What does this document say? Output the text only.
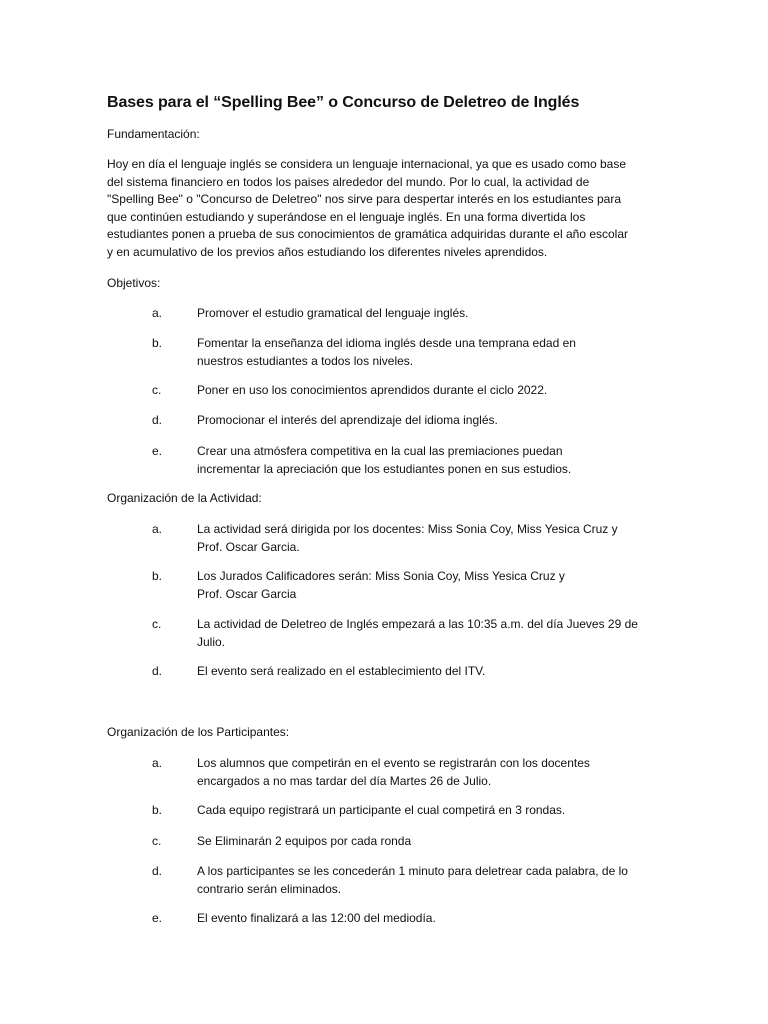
Bases para el “Spelling Bee” o Concurso de Deletreo de Inglés
Fundamentación:
Hoy en día el lenguaje inglés se considera un lenguaje internacional, ya que es usado como base
del sistema financiero en todos los paises alrededor del mundo. Por lo cual, la actividad de
"Spelling Bee" o "Concurso de Deletreo" nos sirve para despertar interés en los estudiantes para
que continúen estudiando y superándose en el lenguaje inglés. En una forma divertida los
estudiantes ponen a prueba de sus conocimientos de gramática adquiridas durante el año escolar
y en acumulativo de los previos años estudiando los diferentes niveles aprendidos.
Objetivos:
a.	Promover el estudio gramatical del lenguaje inglés.
b.	Fomentar la enseñanza del idioma inglés desde una temprana edad en
nuestros estudiantes a todos los niveles.
c.	Poner en uso los conocimientos aprendidos durante el ciclo 2022.
d.	Promocionar el interés del aprendizaje del idioma inglés.
e.	Crear una atmósfera competitiva en la cual las premiaciones puedan
incrementar la apreciación que los estudiantes ponen en sus estudios.
Organización de la Actividad:
a.	La actividad será dirigida por los docentes: Miss Sonia Coy, Miss Yesica Cruz y
Prof. Oscar Garcia.
b.	Los Jurados Calificadores serán: Miss Sonia Coy, Miss Yesica Cruz y
Prof. Oscar Garcia
c.	La actividad de Deletreo de Inglés empezará a las 10:35 a.m. del día Jueves 29 de
Julio.
d.	El evento será realizado en el establecimiento del ITV.
Organización de los Participantes:
a.	Los alumnos que competirán en el evento se registrarán con los docentes
encargados a no mas tardar del día Martes 26 de Julio.
b.	Cada equipo registrará un participante el cual competirá en 3 rondas.
c.	Se Eliminarán 2 equipos por cada ronda
d.	A los participantes se les concederán 1 minuto para deletrear cada palabra, de lo
contrario serán eliminados.
e.	El evento finalizará a las 12:00 del mediodía.
